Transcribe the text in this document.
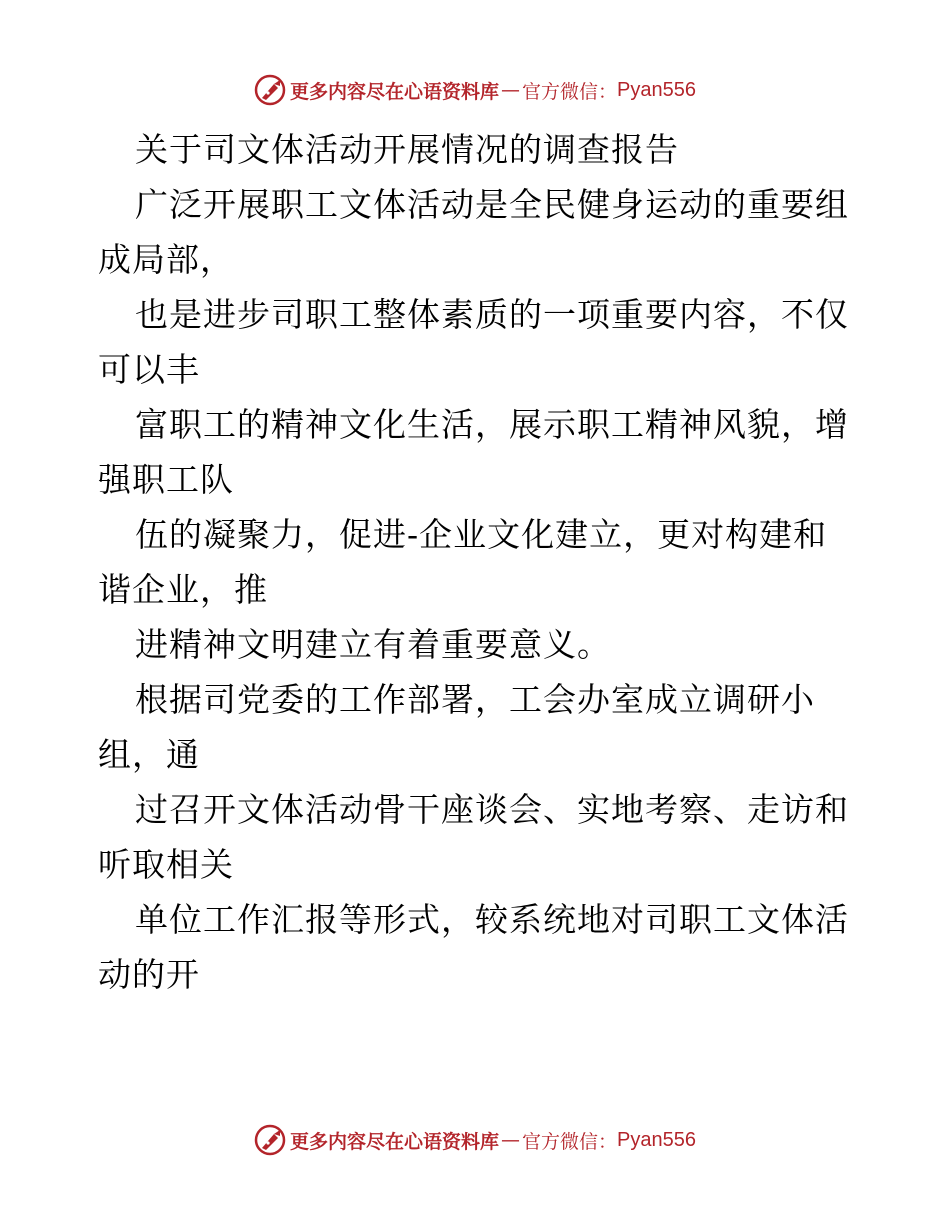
更多内容尽在心语资料库 — 官方微信： Pyan556
关于司文体活动开展情况的调查报告
广泛开展职工文体活动是全民健身运动的重要组
成局部，
也是进步司职工整体素质的一项重要内容，不仅
可以丰
富职工的精神文化生活，展示职工精神风貌，增
强职工队
伍的凝聚力，促进-企业文化建立，更对构建和
谐企业，推
进精神文明建立有着重要意义。
根据司党委的工作部署，工会办室成立调研小
组，通
过召开文体活动骨干座谈会、实地考察、走访和
听取相关
单位工作汇报等形式，较系统地对司职工文体活
动的开
更多内容尽在心语资料库 — 官方微信： Pyan556
